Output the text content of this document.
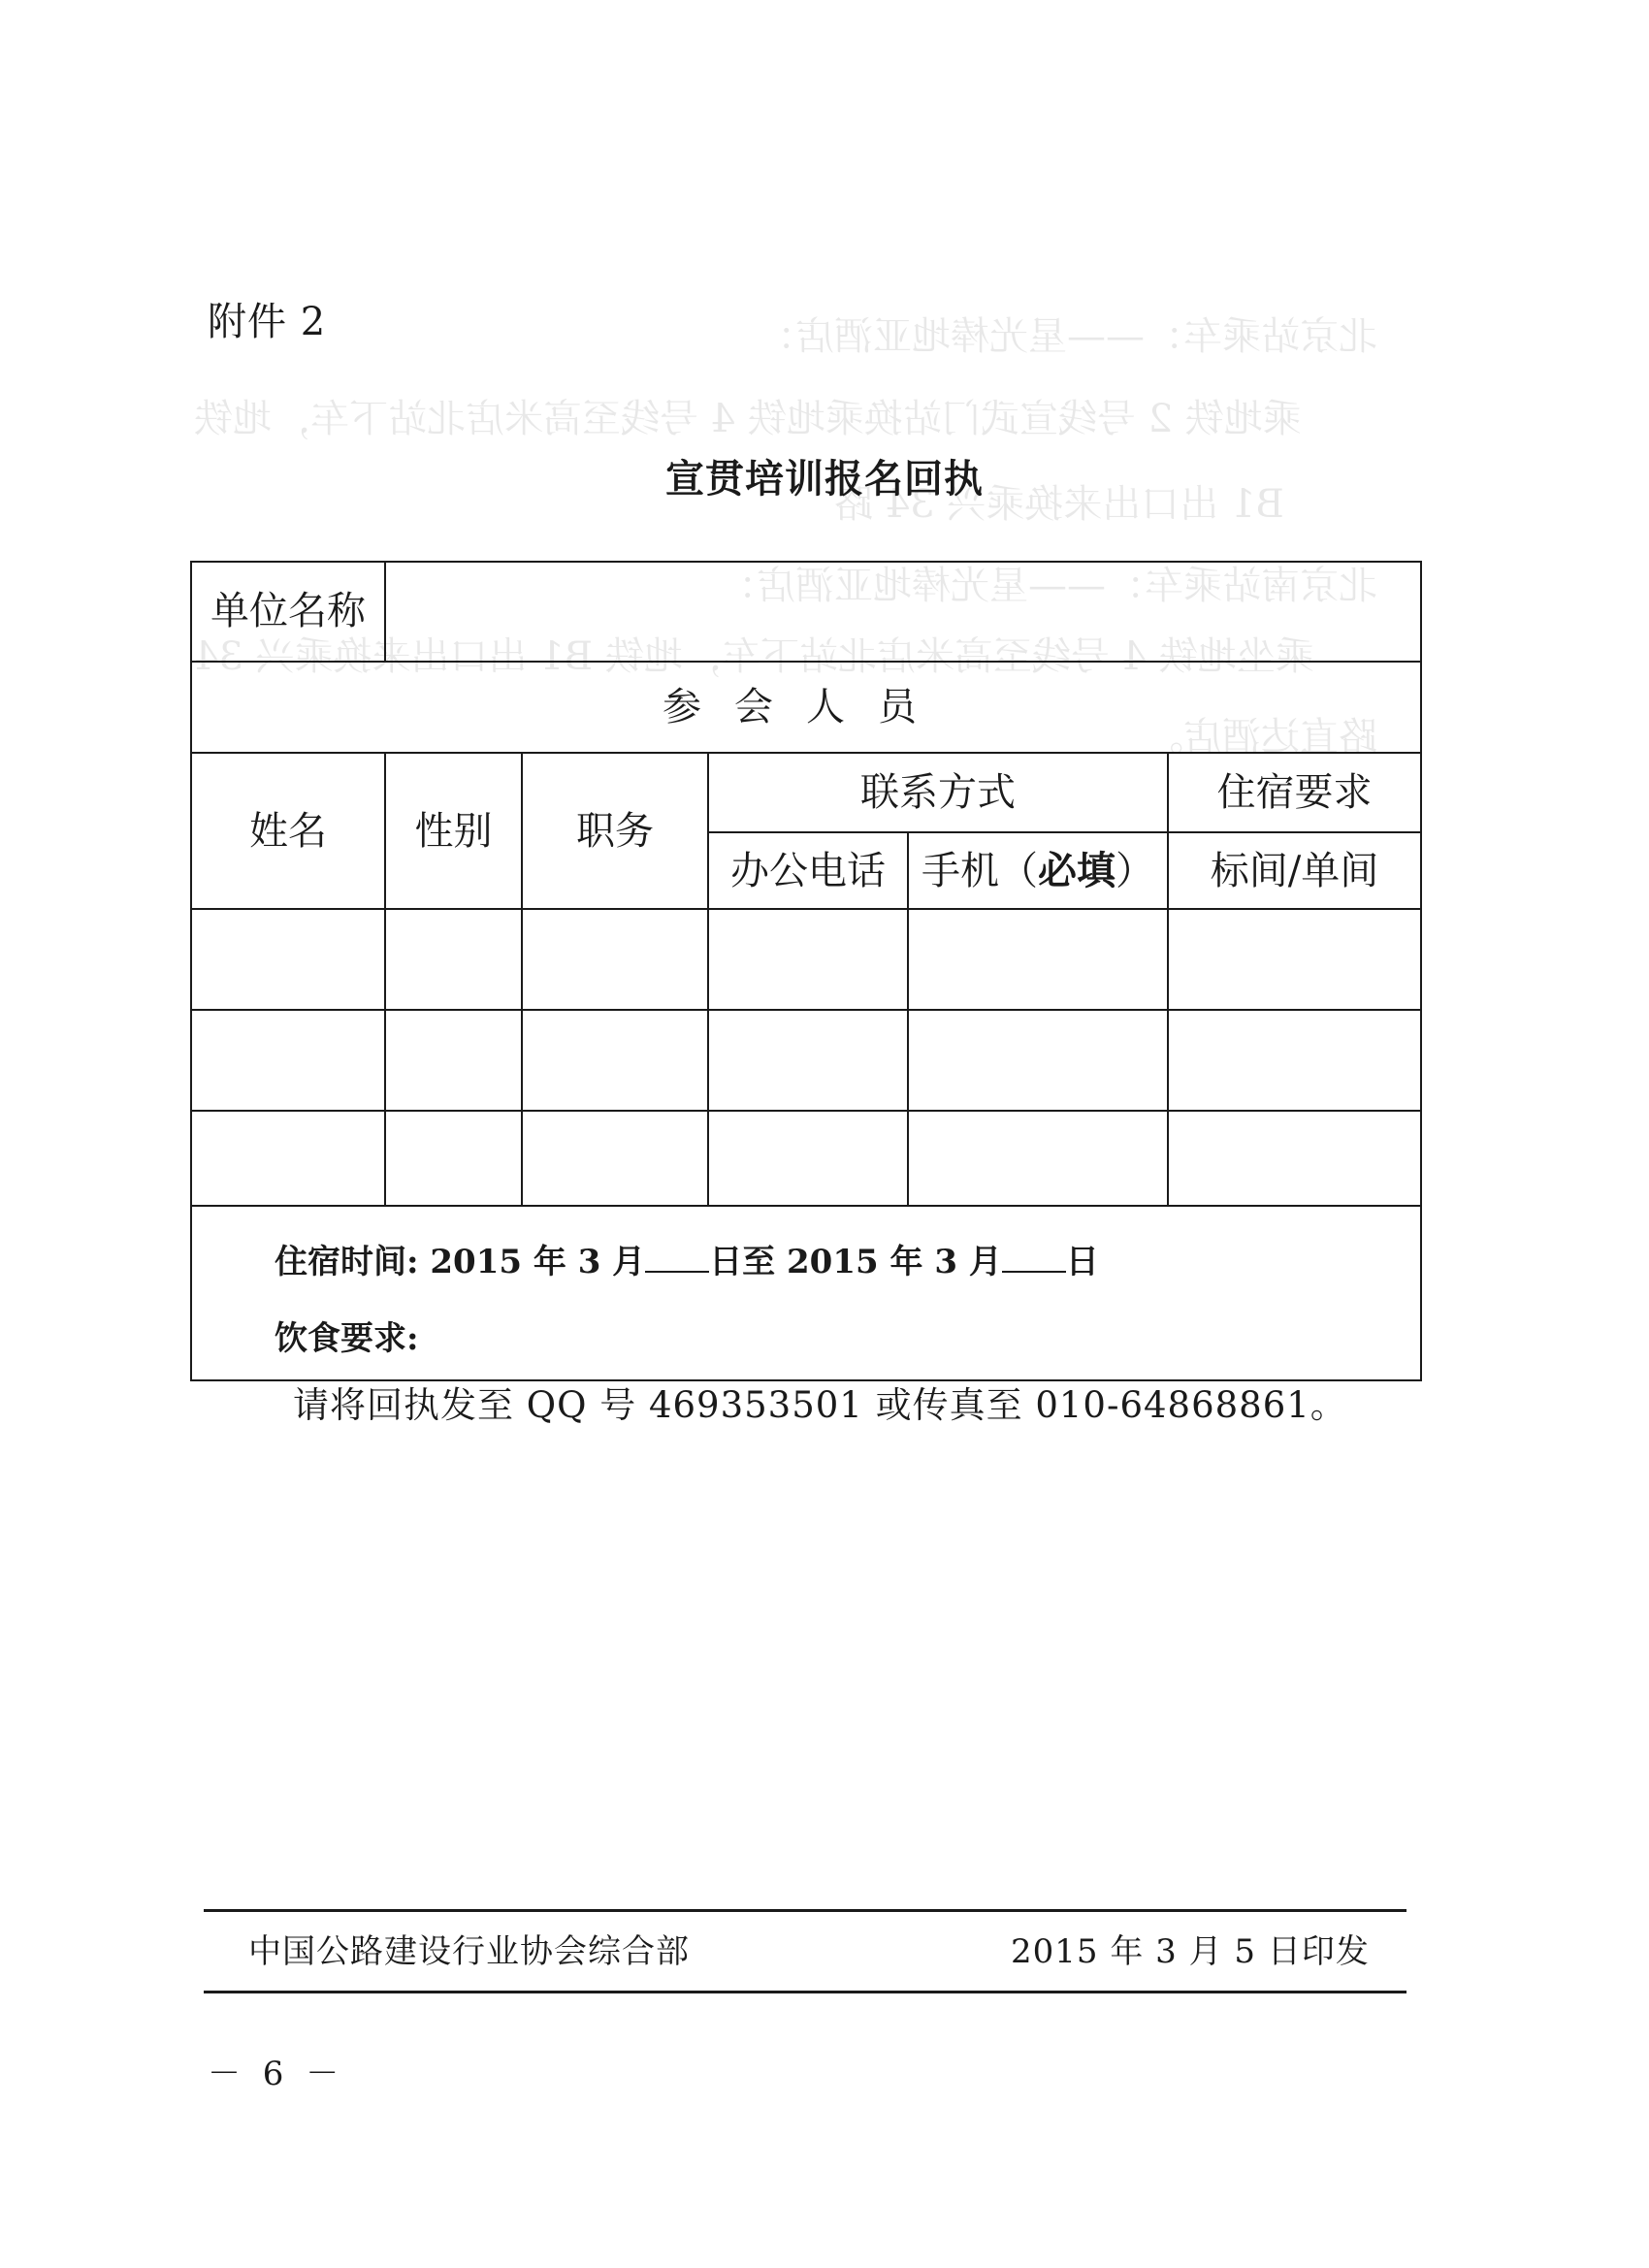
北京站乘车：——星光棒地亚酒店：
乘地铁 2 号线宣武门站换乘地铁 4 号线至高米店北站下车，地铁
B1 出口出来换乘兴 34 路
北京南站乘车：——星光棒地亚酒店：
乘坐地铁 4 号线至高米店北站下车，地铁 B1 出口出来换乘兴 34
路直达酒店。
附件 2
宣贯培训报名回执
单位名称					

参会人员					
姓名	性别	职务	联系方式		住宿要求
			办公电话	手机（必填）	标间/单间

住宿时间: 2015 年 3 月 日至 2015 年 3 月 日
饮食要求:					
请将回执发至 QQ 号 469353501 或传真至 010-64868861。
中国公路建设行业协会综合部	2015 年 3 月 5 日印发
－ 6 －
